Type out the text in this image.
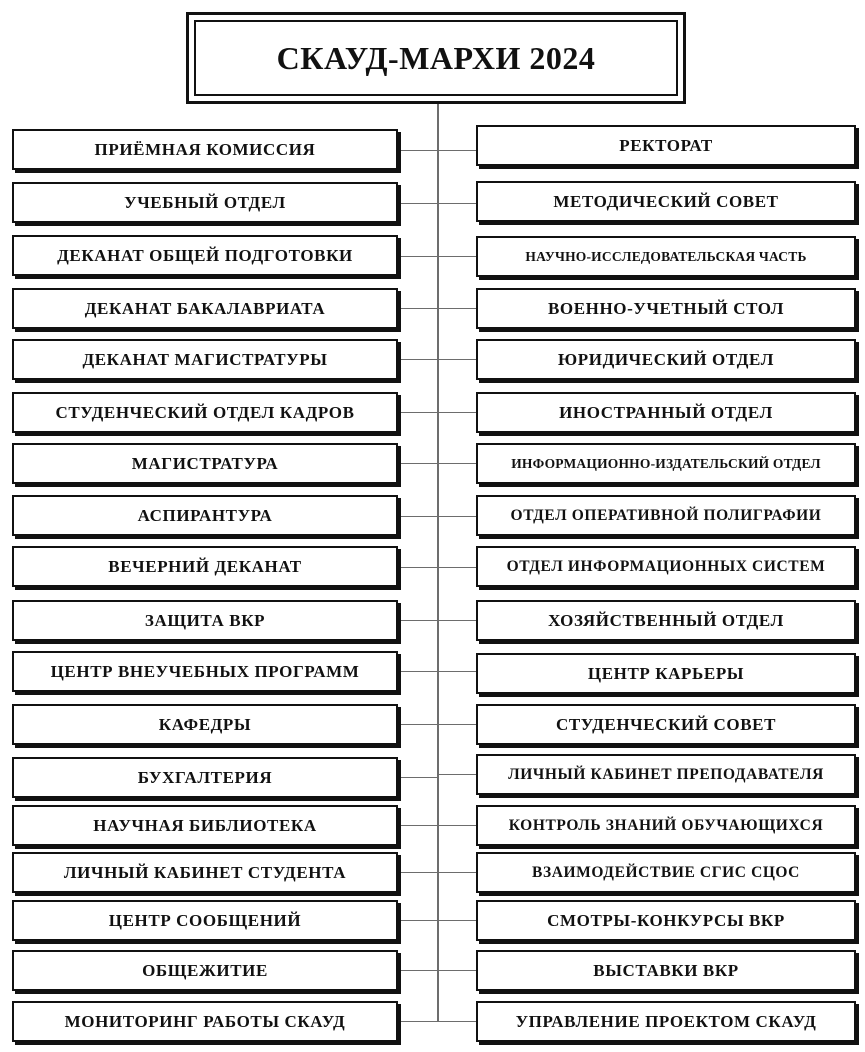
СКАУД-МАРХИ 2024
ПРИЁМНАЯ КОМИССИЯ	РЕКТОРАТ
УЧЕБНЫЙ ОТДЕЛ	МЕТОДИЧЕСКИЙ СОВЕТ
ДЕКАНАТ ОБЩЕЙ ПОДГОТОВКИ	НАУЧНО-ИССЛЕДОВАТЕЛЬСКАЯ ЧАСТЬ
ДЕКАНАТ БАКАЛАВРИАТА	ВОЕННО-УЧЕТНЫЙ СТОЛ
ДЕКАНАТ МАГИСТРАТУРЫ	ЮРИДИЧЕСКИЙ ОТДЕЛ
СТУДЕНЧЕСКИЙ ОТДЕЛ КАДРОВ	ИНОСТРАННЫЙ ОТДЕЛ
МАГИСТРАТУРА	ИНФОРМАЦИОННО-ИЗДАТЕЛЬСКИЙ ОТДЕЛ
АСПИРАНТУРА	ОТДЕЛ ОПЕРАТИВНОЙ ПОЛИГРАФИИ
ВЕЧЕРНИЙ ДЕКАНАТ	ОТДЕЛ ИНФОРМАЦИОННЫХ СИСТЕМ
ЗАЩИТА ВКР	ХОЗЯЙСТВЕННЫЙ ОТДЕЛ
ЦЕНТР ВНЕУЧЕБНЫХ ПРОГРАММ	ЦЕНТР КАРЬЕРЫ
КАФЕДРЫ	СТУДЕНЧЕСКИЙ СОВЕТ
БУХГАЛТЕРИЯ	ЛИЧНЫЙ КАБИНЕТ ПРЕПОДАВАТЕЛЯ
НАУЧНАЯ БИБЛИОТЕКА	КОНТРОЛЬ ЗНАНИЙ ОБУЧАЮЩИХСЯ
ЛИЧНЫЙ КАБИНЕТ СТУДЕНТА	ВЗАИМОДЕЙСТВИЕ СГИС СЦОС
ЦЕНТР СООБЩЕНИЙ	СМОТРЫ-КОНКУРСЫ ВКР
ОБЩЕЖИТИЕ	ВЫСТАВКИ ВКР
МОНИТОРИНГ РАБОТЫ СКАУД	УПРАВЛЕНИЕ ПРОЕКТОМ СКАУД
